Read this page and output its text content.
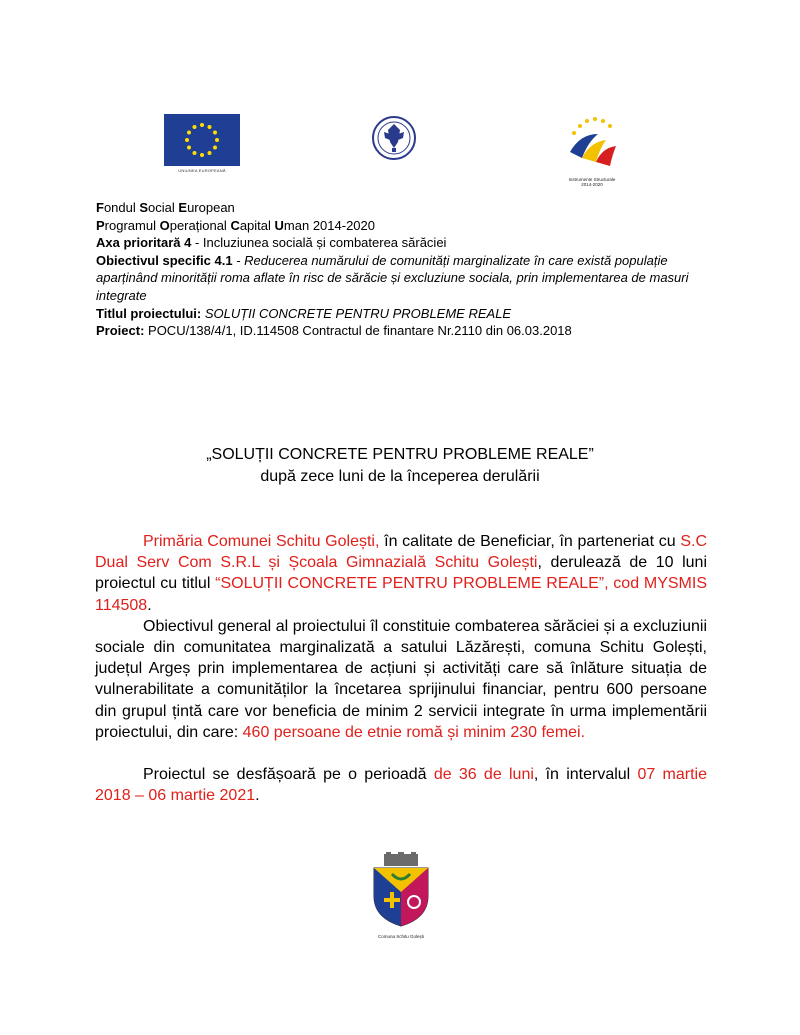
UNIUNEA EUROPEANĂ
Instrumente Structurale
2014-2020
Fondul Social European
Programul Operațional Capital Uman 2014-2020
Axa prioritară 4 - Incluziunea socială și combaterea sărăciei
Obiectivul specific 4.1 - Reducerea numărului de comunități marginalizate în care există populație aparținând minorității roma aflate în risc de sărăcie și excluziune sociala, prin implementarea de masuri integrate
Titlul proiectului: SOLUȚII CONCRETE PENTRU PROBLEME REALE
Proiect: POCU/138/4/1, ID.114508 Contractul de finantare Nr.2110 din 06.03.2018
„SOLUȚII CONCRETE PENTRU PROBLEME REALE”
după zece luni de la începerea derulării

Primăria Comunei Schitu Golești, în calitate de Beneficiar, în parteneriat cu S.C Dual Serv Com S.R.L și Școala Gimnazială Schitu Golești, derulează de 10 luni proiectul cu titlul “SOLUȚII CONCRETE PENTRU PROBLEME REALE”, cod MYSMIS 114508.

Obiectivul general al proiectului îl constituie combaterea sărăciei și a excluziunii sociale din comunitatea marginalizată a satului Lăzărești, comuna Schitu Golești, județul Argeș prin implementarea de acțiuni și activități care să înlăture situația de vulnerabilitate a comunităților la încetarea sprijinului financiar, pentru 600 persoane din grupul țintă care vor beneficia de minim 2 servicii integrate în urma implementării proiectului, din care: 460 persoane de etnie romă și minim 230 femei.

Proiectul se desfășoară pe o perioadă de 36 de luni, în intervalul 07 martie 2018 – 06 martie 2021.

Comuna Schitu Golești
